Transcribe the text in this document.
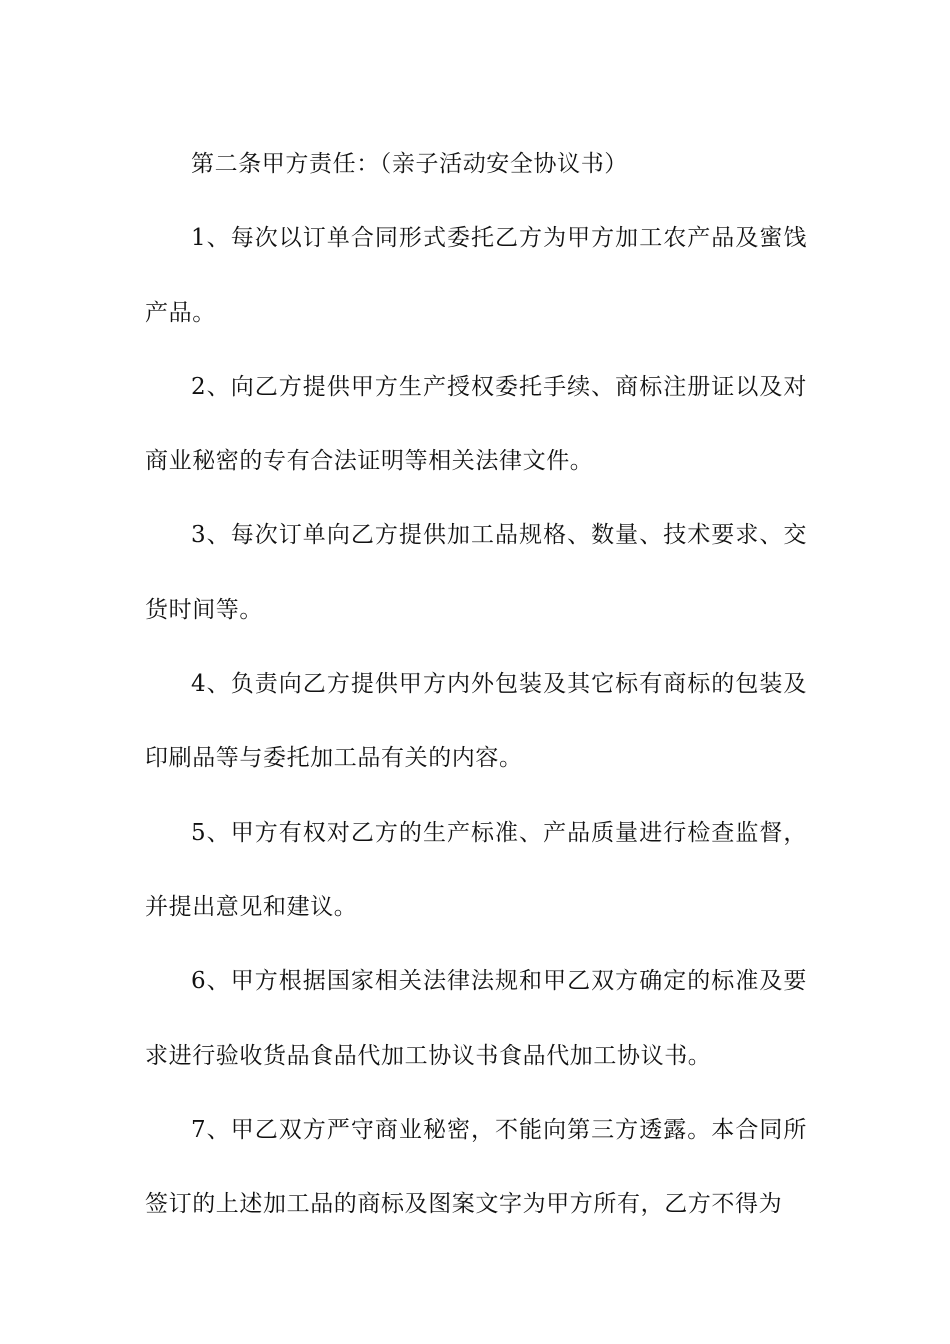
第二条甲方责任：（亲子活动安全协议书）

1、每次以订单合同形式委托乙方为甲方加工农产品及蜜饯产品。

2、向乙方提供甲方生产授权委托手续、商标注册证以及对商业秘密的专有合法证明等相关法律文件。

3、每次订单向乙方提供加工品规格、数量、技术要求、交货时间等。

4、负责向乙方提供甲方内外包装及其它标有商标的包装及印刷品等与委托加工品有关的内容。

5、甲方有权对乙方的生产标准、产品质量进行检查监督，并提出意见和建议。

6、甲方根据国家相关法律法规和甲乙双方确定的标准及要求进行验收货品食品代加工协议书食品代加工协议书。

7、甲乙双方严守商业秘密，不能向第三方透露。本合同所签订的上述加工品的商标及图案文字为甲方所有，乙方不得为
